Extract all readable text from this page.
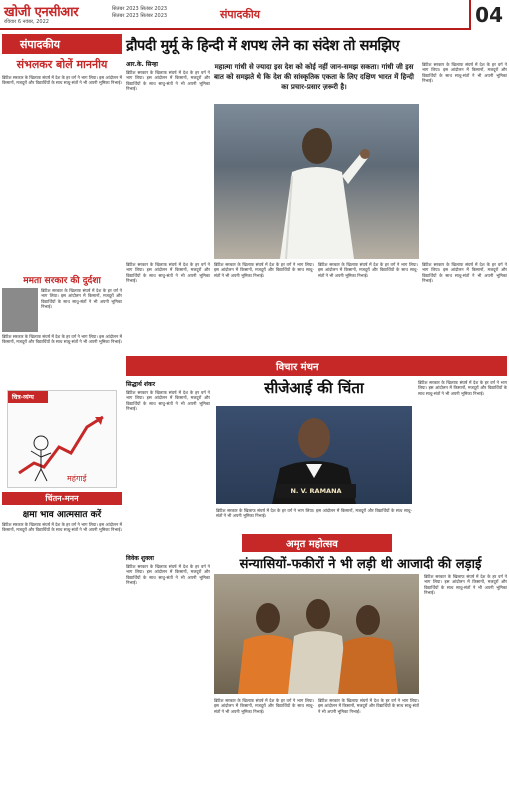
खोजी एनसीआर
रविवार 6 नवंबर, 2022
सितंबर 2023 सितंबर 2023
सितंबर 2023 सितंबर 2023	संपादकीय	04
संपादकीय
संभलकर बोलें माननीय
ब्रिटिश सरकार के खिलाफ संघर्ष में देश के हर वर्ग ने भाग लिया। इस आंदोलन में किसानों, मजदूरों और विद्यार्थियों के साथ साधु-संतों ने भी अपनी भूमिका निभाई।
ममता सरकार की दुर्दशा
ब्रिटिश सरकार के खिलाफ संघर्ष में देश के हर वर्ग ने भाग लिया। इस आंदोलन में किसानों, मजदूरों और विद्यार्थियों के साथ साधु-संतों ने भी अपनी भूमिका निभाई।
ब्रिटिश सरकार के खिलाफ संघर्ष में देश के हर वर्ग ने भाग लिया। इस आंदोलन में किसानों, मजदूरों और विद्यार्थियों के साथ साधु-संतों ने भी अपनी भूमिका निभाई।
चित्र-व्यंग्य
महंगाई
चिंतन-मनन
क्षमा भाव आत्मसात करें
ब्रिटिश सरकार के खिलाफ संघर्ष में देश के हर वर्ग ने भाग लिया। इस आंदोलन में किसानों, मजदूरों और विद्यार्थियों के साथ साधु-संतों ने भी अपनी भूमिका निभाई।
द्रौपदी मुर्मू के हिन्दी में शपथ लेने का संदेश तो समझिए
आर.के. सिन्हा
ब्रिटिश सरकार के खिलाफ संघर्ष में देश के हर वर्ग ने भाग लिया। इस आंदोलन में किसानों, मजदूरों और विद्यार्थियों के साथ साधु-संतों ने भी अपनी भूमिका निभाई।
महात्मा गांधी से ज्यादा इस देश को कोई नहीं जान-समझ सकता। गांधी जी इस बात को समझते थे कि देश की सांस्कृतिक एकता के लिए दक्षिण भारत में हिन्दी का प्रचार-प्रसार ज़रूरी है।
ब्रिटिश सरकार के खिलाफ संघर्ष में देश के हर वर्ग ने भाग लिया। इस आंदोलन में किसानों, मजदूरों और विद्यार्थियों के साथ साधु-संतों ने भी अपनी भूमिका निभाई।
ब्रिटिश सरकार के खिलाफ संघर्ष में देश के हर वर्ग ने भाग लिया। इस आंदोलन में किसानों, मजदूरों और विद्यार्थियों के साथ साधु-संतों ने भी अपनी भूमिका निभाई।
ब्रिटिश सरकार के खिलाफ संघर्ष में देश के हर वर्ग ने भाग लिया। इस आंदोलन में किसानों, मजदूरों और विद्यार्थियों के साथ साधु-संतों ने भी अपनी भूमिका निभाई।
ब्रिटिश सरकार के खिलाफ संघर्ष में देश के हर वर्ग ने भाग लिया। इस आंदोलन में किसानों, मजदूरों और विद्यार्थियों के साथ साधु-संतों ने भी अपनी भूमिका निभाई।
ब्रिटिश सरकार के खिलाफ संघर्ष में देश के हर वर्ग ने भाग लिया। इस आंदोलन में किसानों, मजदूरों और विद्यार्थियों के साथ साधु-संतों ने भी अपनी भूमिका निभाई।
विचार मंथन
सिद्धार्थ शंकर
ब्रिटिश सरकार के खिलाफ संघर्ष में देश के हर वर्ग ने भाग लिया। इस आंदोलन में किसानों, मजदूरों और विद्यार्थियों के साथ साधु-संतों ने भी अपनी भूमिका निभाई।
सीजेआई की चिंता
N. V. RAMANA
ब्रिटिश सरकार के खिलाफ संघर्ष में देश के हर वर्ग ने भाग लिया। इस आंदोलन में किसानों, मजदूरों और विद्यार्थियों के साथ साधु-संतों ने भी अपनी भूमिका निभाई।
ब्रिटिश सरकार के खिलाफ संघर्ष में देश के हर वर्ग ने भाग लिया। इस आंदोलन में किसानों, मजदूरों और विद्यार्थियों के साथ साधु-संतों ने भी अपनी भूमिका निभाई।
अमृत महोत्सव
विवेक शुक्ला
ब्रिटिश सरकार के खिलाफ संघर्ष में देश के हर वर्ग ने भाग लिया। इस आंदोलन में किसानों, मजदूरों और विद्यार्थियों के साथ साधु-संतों ने भी अपनी भूमिका निभाई।
संन्यासियों-फकीरों ने भी लड़ी थी आजादी की लड़ाई
ब्रिटिश सरकार के खिलाफ संघर्ष में देश के हर वर्ग ने भाग लिया। इस आंदोलन में किसानों, मजदूरों और विद्यार्थियों के साथ साधु-संतों ने भी अपनी भूमिका निभाई।
ब्रिटिश सरकार के खिलाफ संघर्ष में देश के हर वर्ग ने भाग लिया। इस आंदोलन में किसानों, मजदूरों और विद्यार्थियों के साथ साधु-संतों ने भी अपनी भूमिका निभाई।
ब्रिटिश सरकार के खिलाफ संघर्ष में देश के हर वर्ग ने भाग लिया। इस आंदोलन में किसानों, मजदूरों और विद्यार्थियों के साथ साधु-संतों ने भी अपनी भूमिका निभाई।
